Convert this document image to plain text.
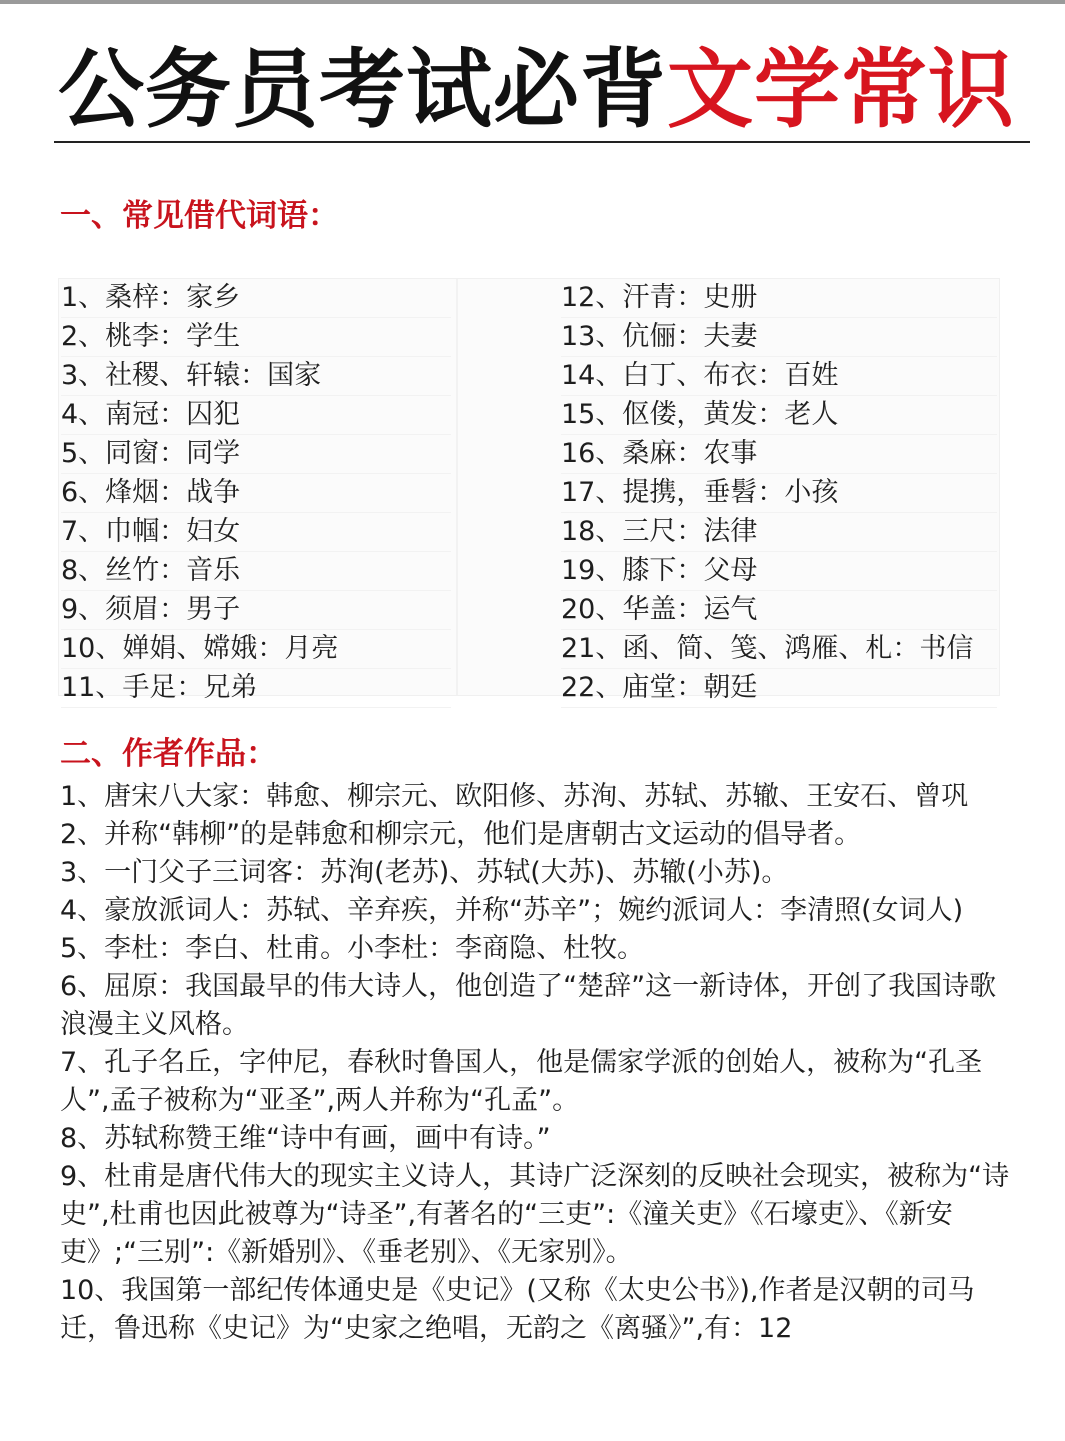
公务员考试必背文学常识
一、常见借代词语：
1、桑梓：家乡
2、桃李：学生
3、社稷、轩辕：国家
4、南冠：囚犯
5、同窗：同学
6、烽烟：战争
7、巾帼：妇女
8、丝竹：音乐
9、须眉：男子
10、婵娟、嫦娥：月亮
11、手足：兄弟
12、汗青：史册
13、伉俪：夫妻
14、白丁、布衣：百姓
15、伛偻，黄发：老人
16、桑麻：农事
17、提携，垂髫：小孩
18、三尺：法律
19、膝下：父母
20、华盖：运气
21、函、简、笺、鸿雁、札：书信
22、庙堂：朝廷
二、作者作品：

1、唐宋八大家：韩愈、柳宗元、欧阳修、苏洵、苏轼、苏辙、王安石、曾巩

2、并称“韩柳”的是韩愈和柳宗元，他们是唐朝古文运动的倡导者。

3、一门父子三词客：苏洵(老苏)、苏轼(大苏)、苏辙(小苏)。

4、豪放派词人：苏轼、辛弃疾，并称“苏辛”；婉约派词人：李清照(女词人)

5、李杜：李白、杜甫。小李杜：李商隐、杜牧。

6、屈原：我国最早的伟大诗人，他创造了“楚辞”这一新诗体，开创了我国诗歌浪漫主义风格。

7、孔子名丘，字仲尼，春秋时鲁国人，他是儒家学派的创始人，被称为“孔圣人”,孟子被称为“亚圣”,两人并称为“孔孟”。

8、苏轼称赞王维“诗中有画，画中有诗。”

9、杜甫是唐代伟大的现实主义诗人，其诗广泛深刻的反映社会现实，被称为“诗史”,杜甫也因此被尊为“诗圣”,有著名的“三吏”:《潼关吏》《石壕吏》、《新安吏》;“三别”:《新婚别》、《垂老别》、《无家别》。

10、我国第一部纪传体通史是《史记》(又称《太史公书》),作者是汉朝的司马迁，鲁迅称《史记》为“史家之绝唱，无韵之《离骚》”,有：12
